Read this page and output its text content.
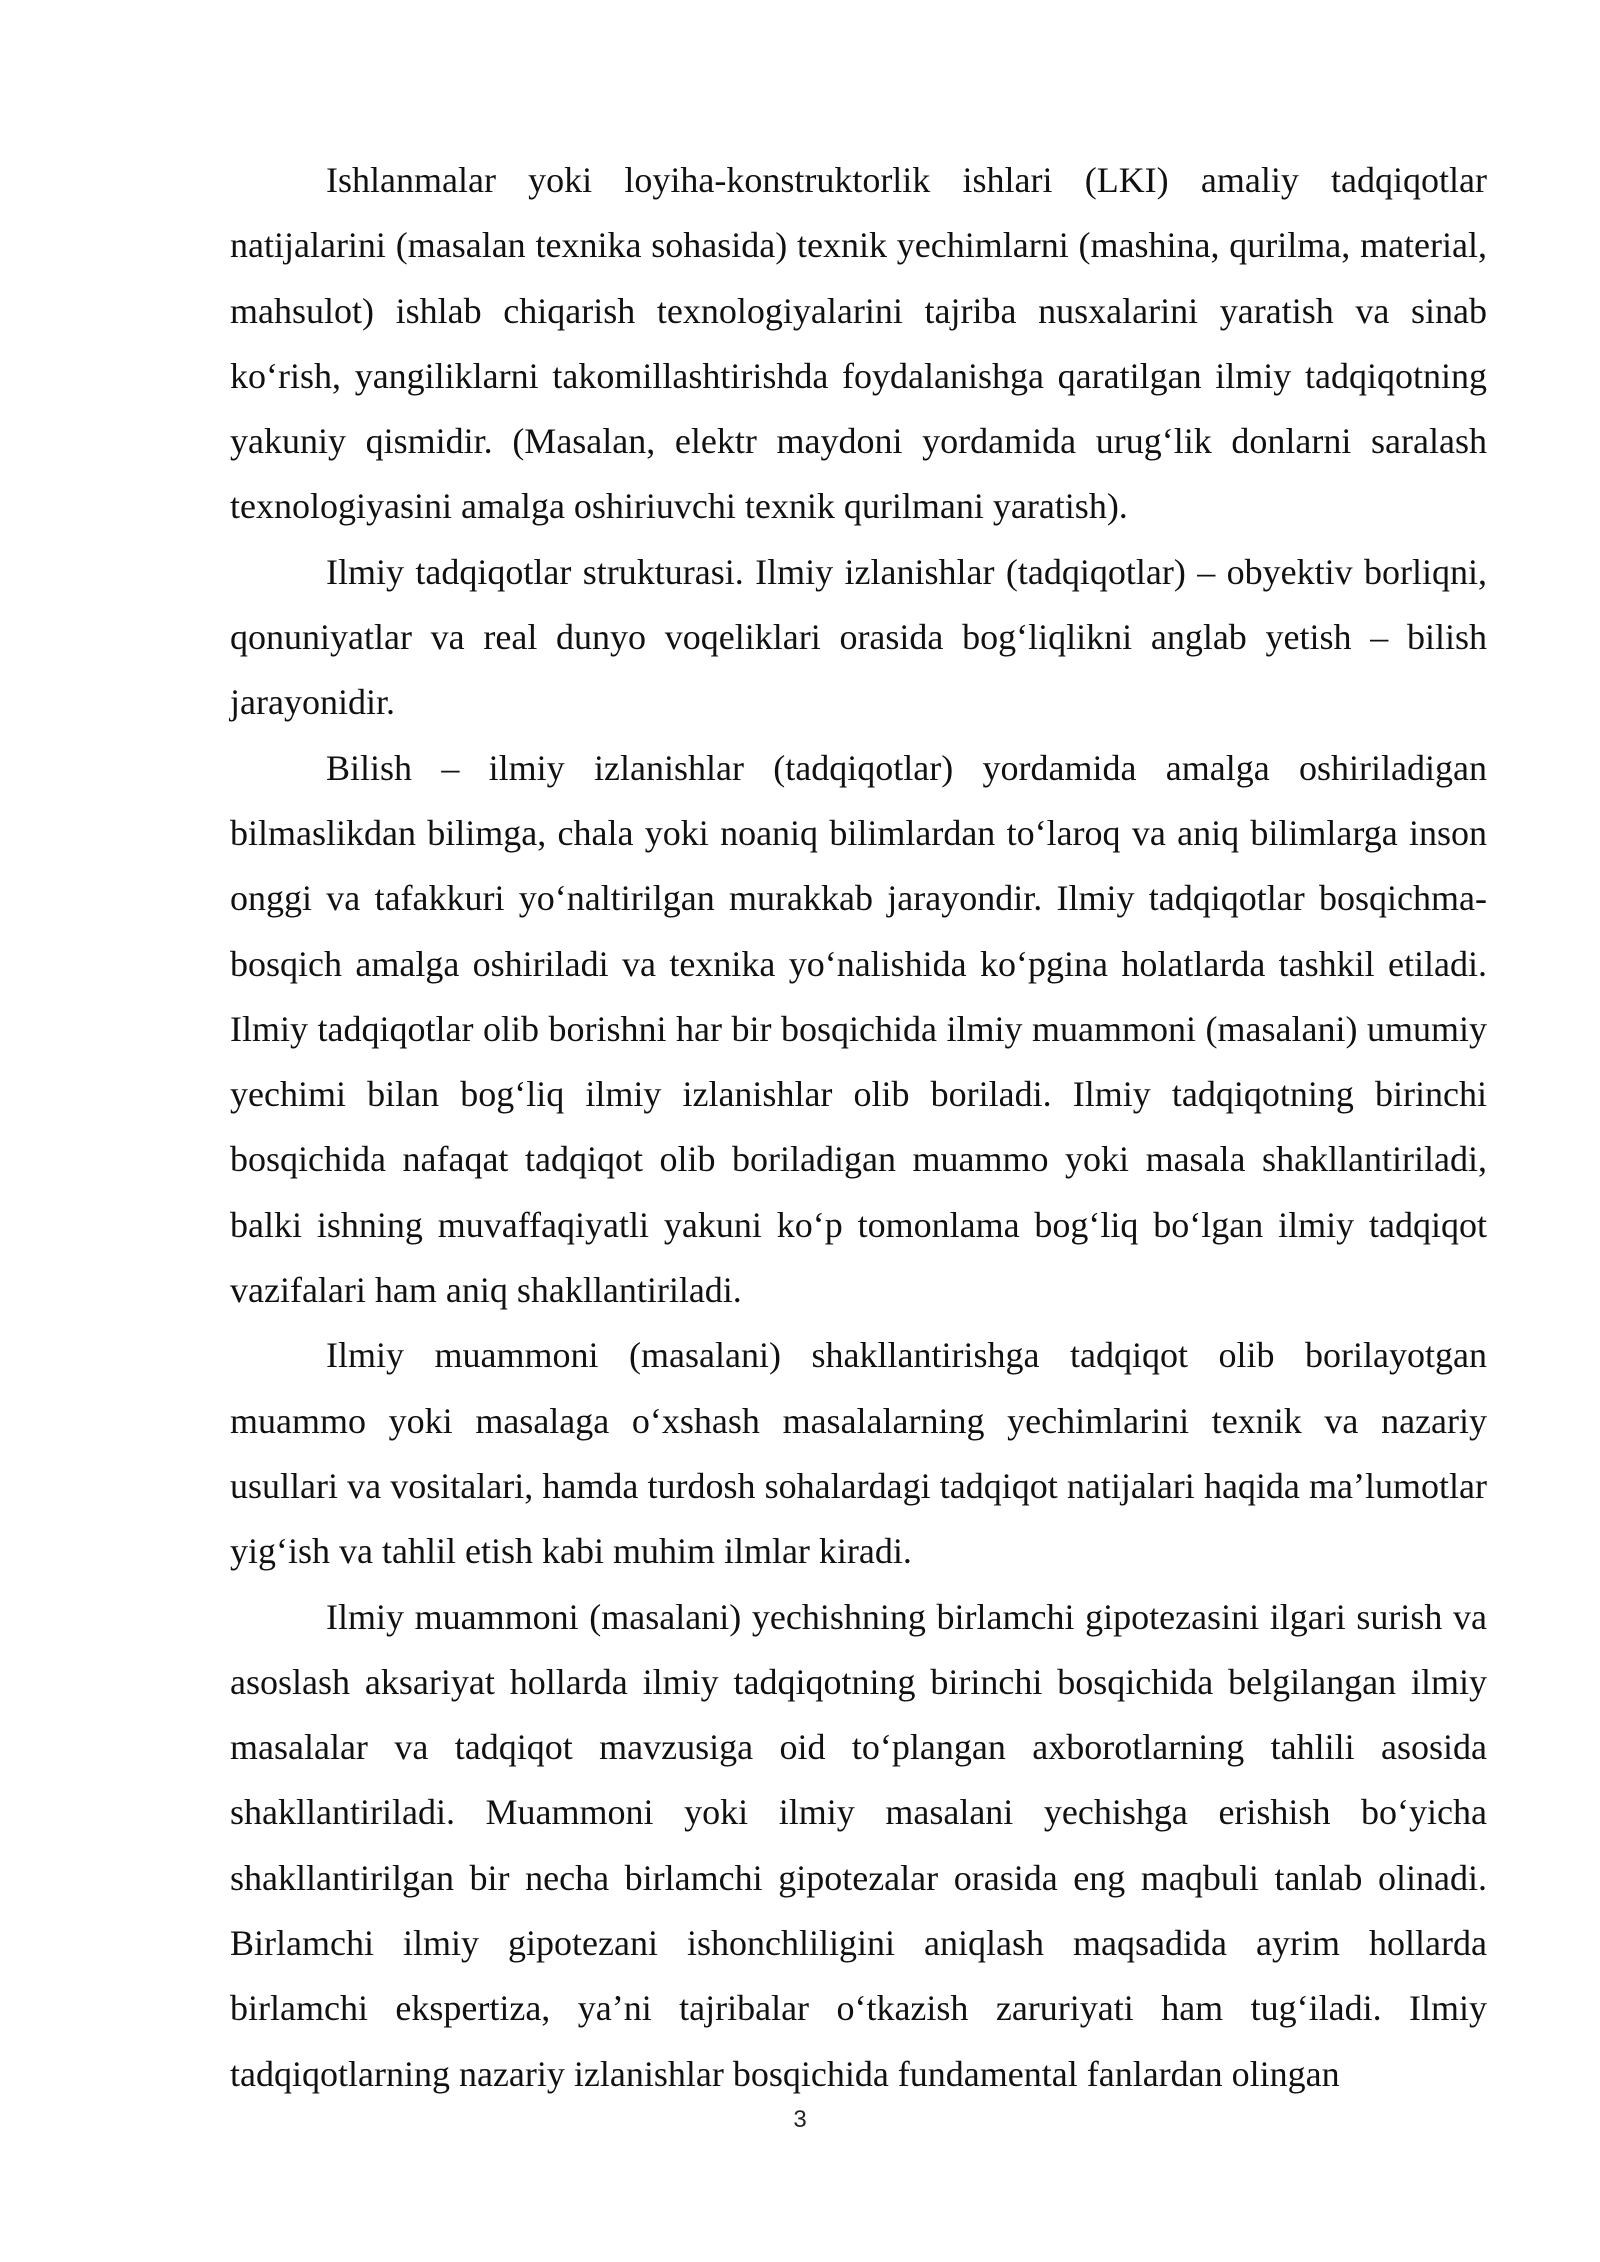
Ishlanmalar yoki loyiha-konstruktorlik ishlari (LKI) amaliy tadqiqotlar natijalarini (masalan texnika sohasida) texnik yechimlarni (mashina, qurilma, material, mahsulot) ishlab chiqarish texnologiyalarini tajriba nusxalarini yaratish va sinab koʻrish, yangiliklarni takomillashtirishda foydalanishga qaratilgan ilmiy tadqiqotning yakuniy qismidir. (Masalan, elektr maydoni yordamida urugʻlik donlarni saralash texnologiyasini amalga oshiriuvchi texnik qurilmani yaratish).

Ilmiy tadqiqotlar strukturasi. Ilmiy izlanishlar (tadqiqotlar) – obyektiv borliqni, qonuniyatlar va real dunyo voqeliklari orasida bogʻliqlikni anglab yetish – bilish jarayonidir.

Bilish – ilmiy izlanishlar (tadqiqotlar) yordamida amalga oshiriladigan bilmaslikdan bilimga, chala yoki noaniq bilimlardan toʻlaroq va aniq bilimlarga inson onggi va tafakkuri yoʻnaltirilgan murakkab jarayondir. Ilmiy tadqiqotlar bosqichma-bosqich amalga oshiriladi va texnika yoʻnalishida koʻpgina holatlarda tashkil etiladi. Ilmiy tadqiqotlar olib borishni har bir bosqichida ilmiy muammoni (masalani) umumiy yechimi bilan bogʻliq ilmiy izlanishlar olib boriladi. Ilmiy tadqiqotning birinchi bosqichida nafaqat tadqiqot olib boriladigan muammo yoki masala shakllantiriladi, balki ishning muvaffaqiyatli yakuni koʻp tomonlama bogʻliq boʻlgan ilmiy tadqiqot vazifalari ham aniq shakllantiriladi.

Ilmiy muammoni (masalani) shakllantirishga tadqiqot olib borilayotgan muammo yoki masalaga oʻxshash masalalarning yechimlarini texnik va nazariy usullari va vositalari, hamda turdosh sohalardagi tadqiqot natijalari haqida maʼlumotlar yigʻish va tahlil etish kabi muhim ilmlar kiradi.

Ilmiy muammoni (masalani) yechishning birlamchi gipotezasini ilgari surish va asoslash aksariyat hollarda ilmiy tadqiqotning birinchi bosqichida belgilangan ilmiy masalalar va tadqiqot mavzusiga oid toʻplangan axborotlarning tahlili asosida shakllantiriladi. Muammoni yoki ilmiy masalani yechishga erishish boʻyicha shakllantirilgan bir necha birlamchi gipotezalar orasida eng maqbuli tanlab olinadi. Birlamchi ilmiy gipotezani ishonchliligini aniqlash maqsadida ayrim hollarda birlamchi ekspertiza, yaʼni tajribalar oʻtkazish zaruriyati ham tugʻiladi. Ilmiy tadqiqotlarning nazariy izlanishlar bosqichida fundamental fanlardan olingan

3
